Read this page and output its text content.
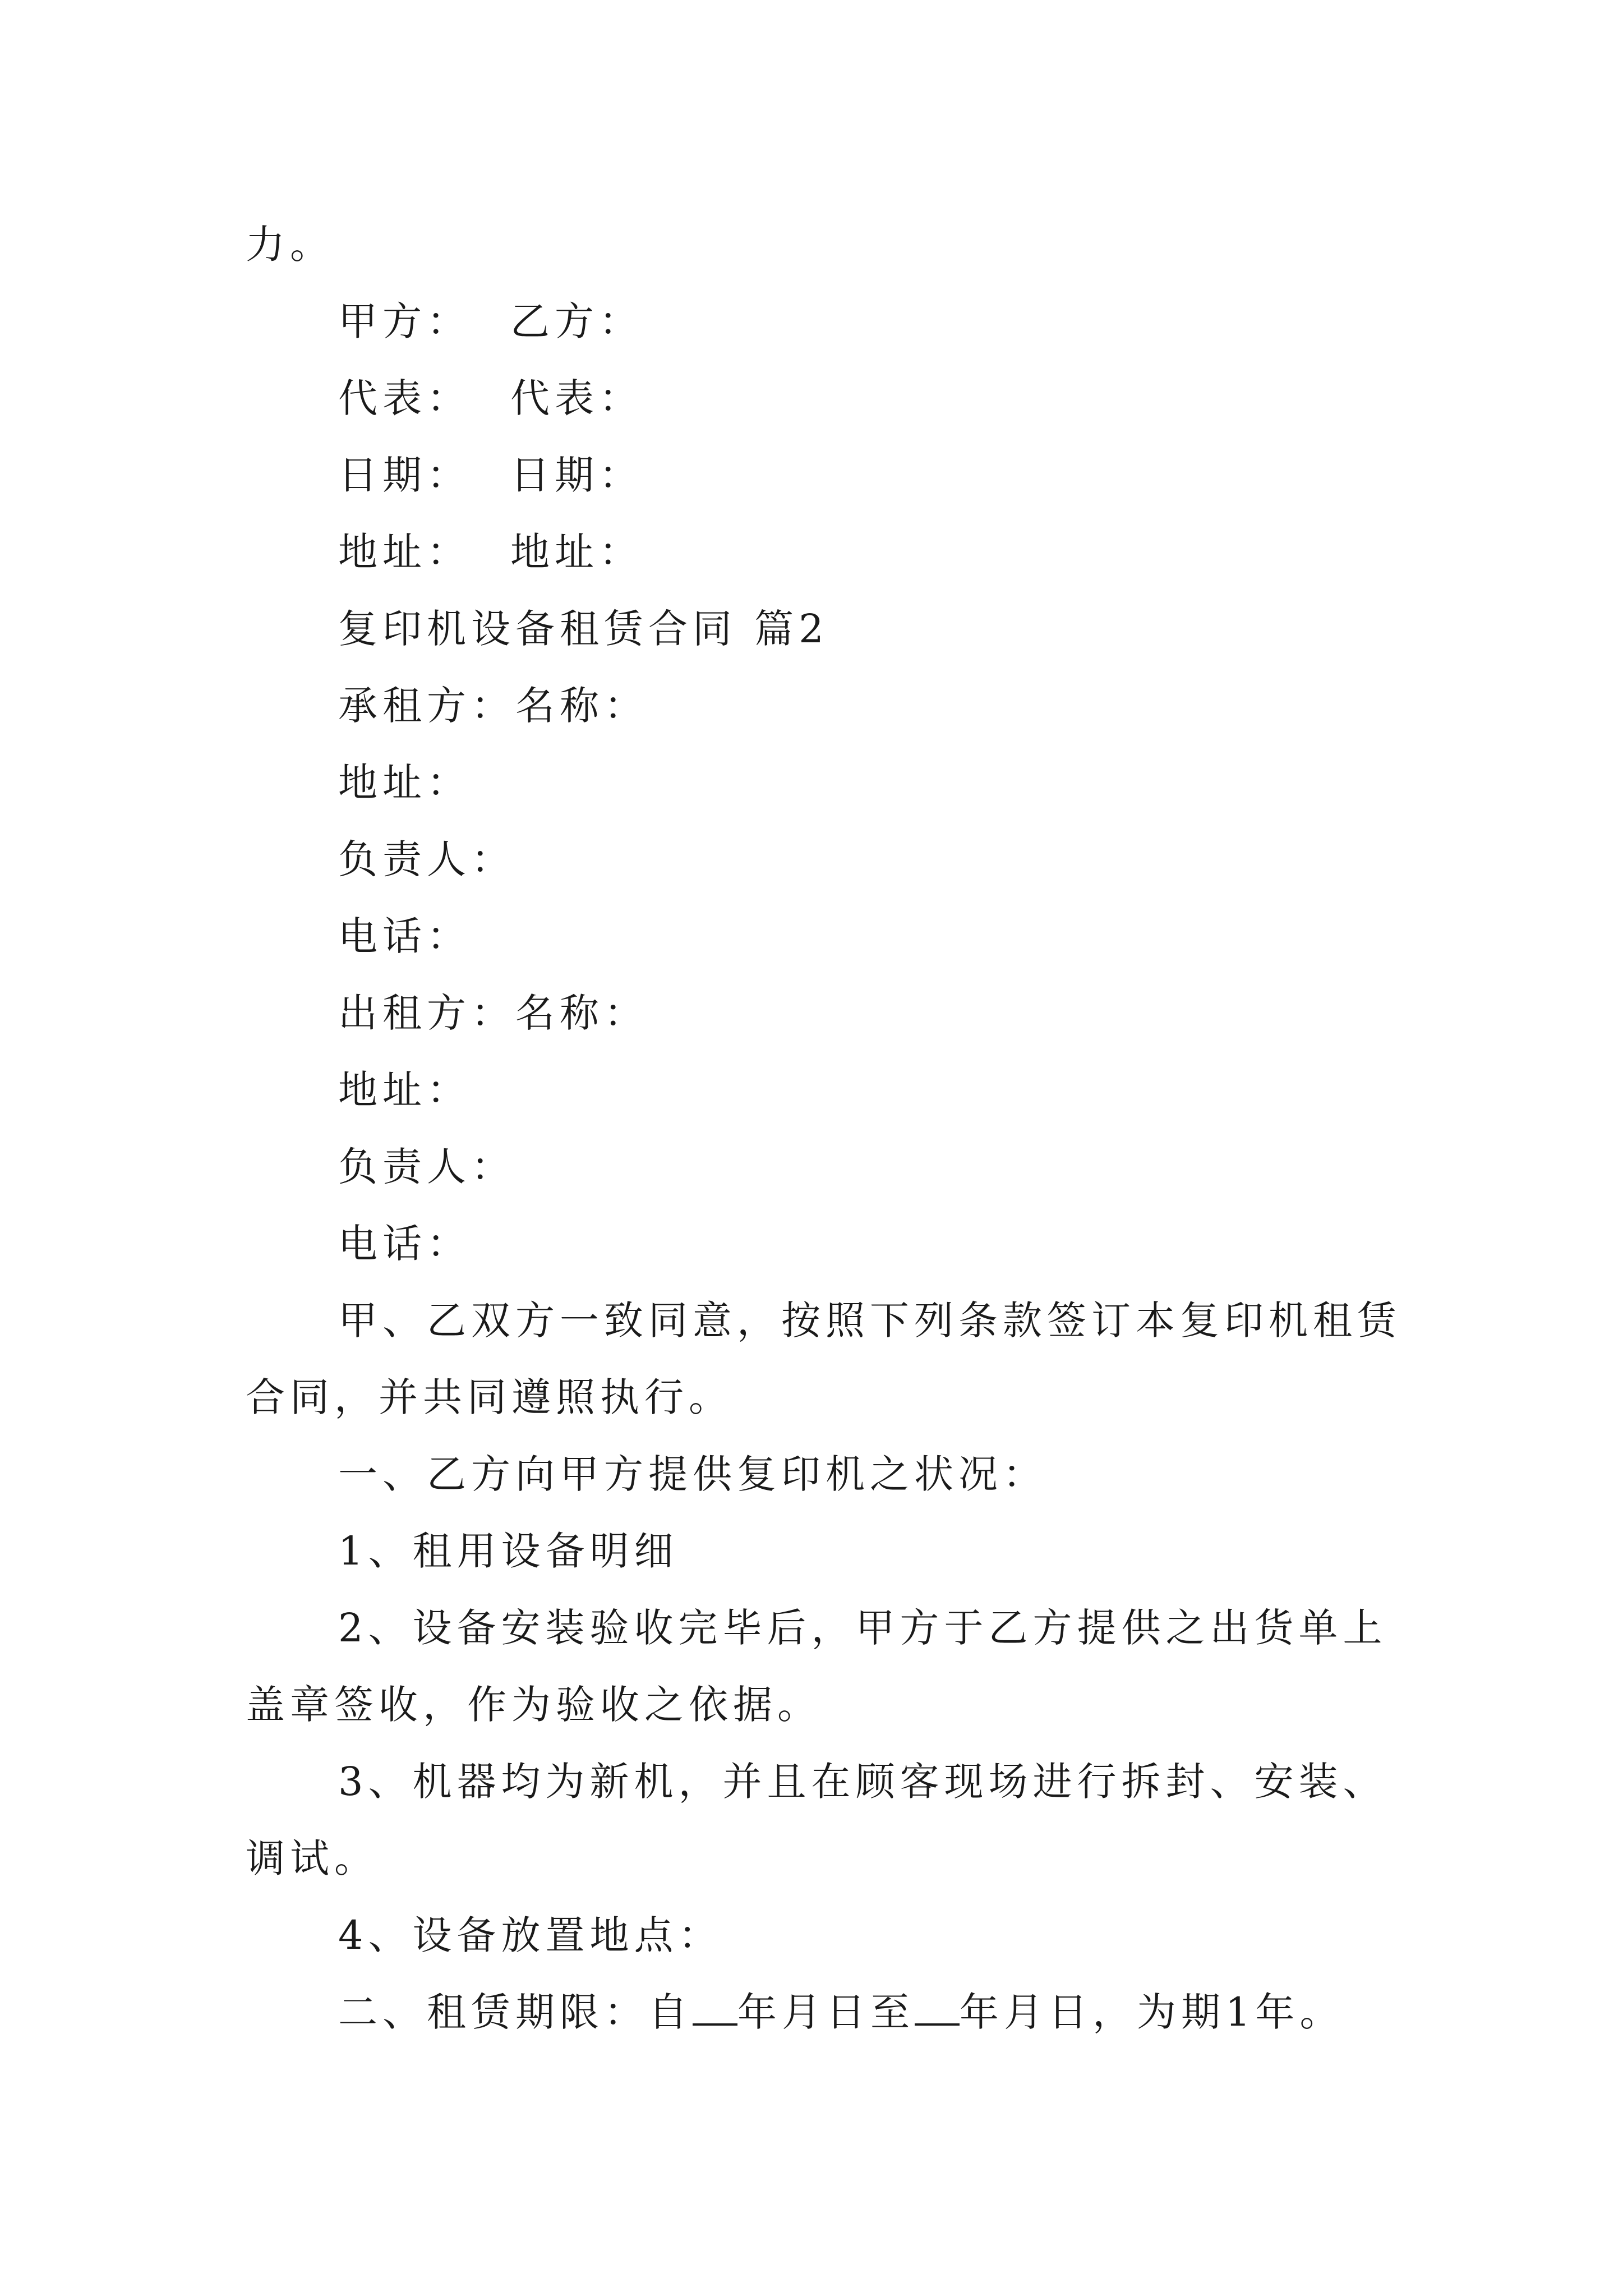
力。
甲方： 乙方：
代表： 代表：
日期： 日期：
地址： 地址：
复印机设备租赁合同 篇2
承租方：名称：
地址：
负责人：
电话：
出租方：名称：
地址：
负责人：
电话：
甲、乙双方一致同意，按照下列条款签订本复印机租赁
合同，并共同遵照执行。
一、乙方向甲方提供复印机之状况：
1、租用设备明细
2、设备安装验收完毕后，甲方于乙方提供之出货单上
盖章签收，作为验收之依据。
3、机器均为新机，并且在顾客现场进行拆封、安装、
调试。
4、设备放置地点：
二、租赁期限：自 年月日至 年月日，为期1年。
